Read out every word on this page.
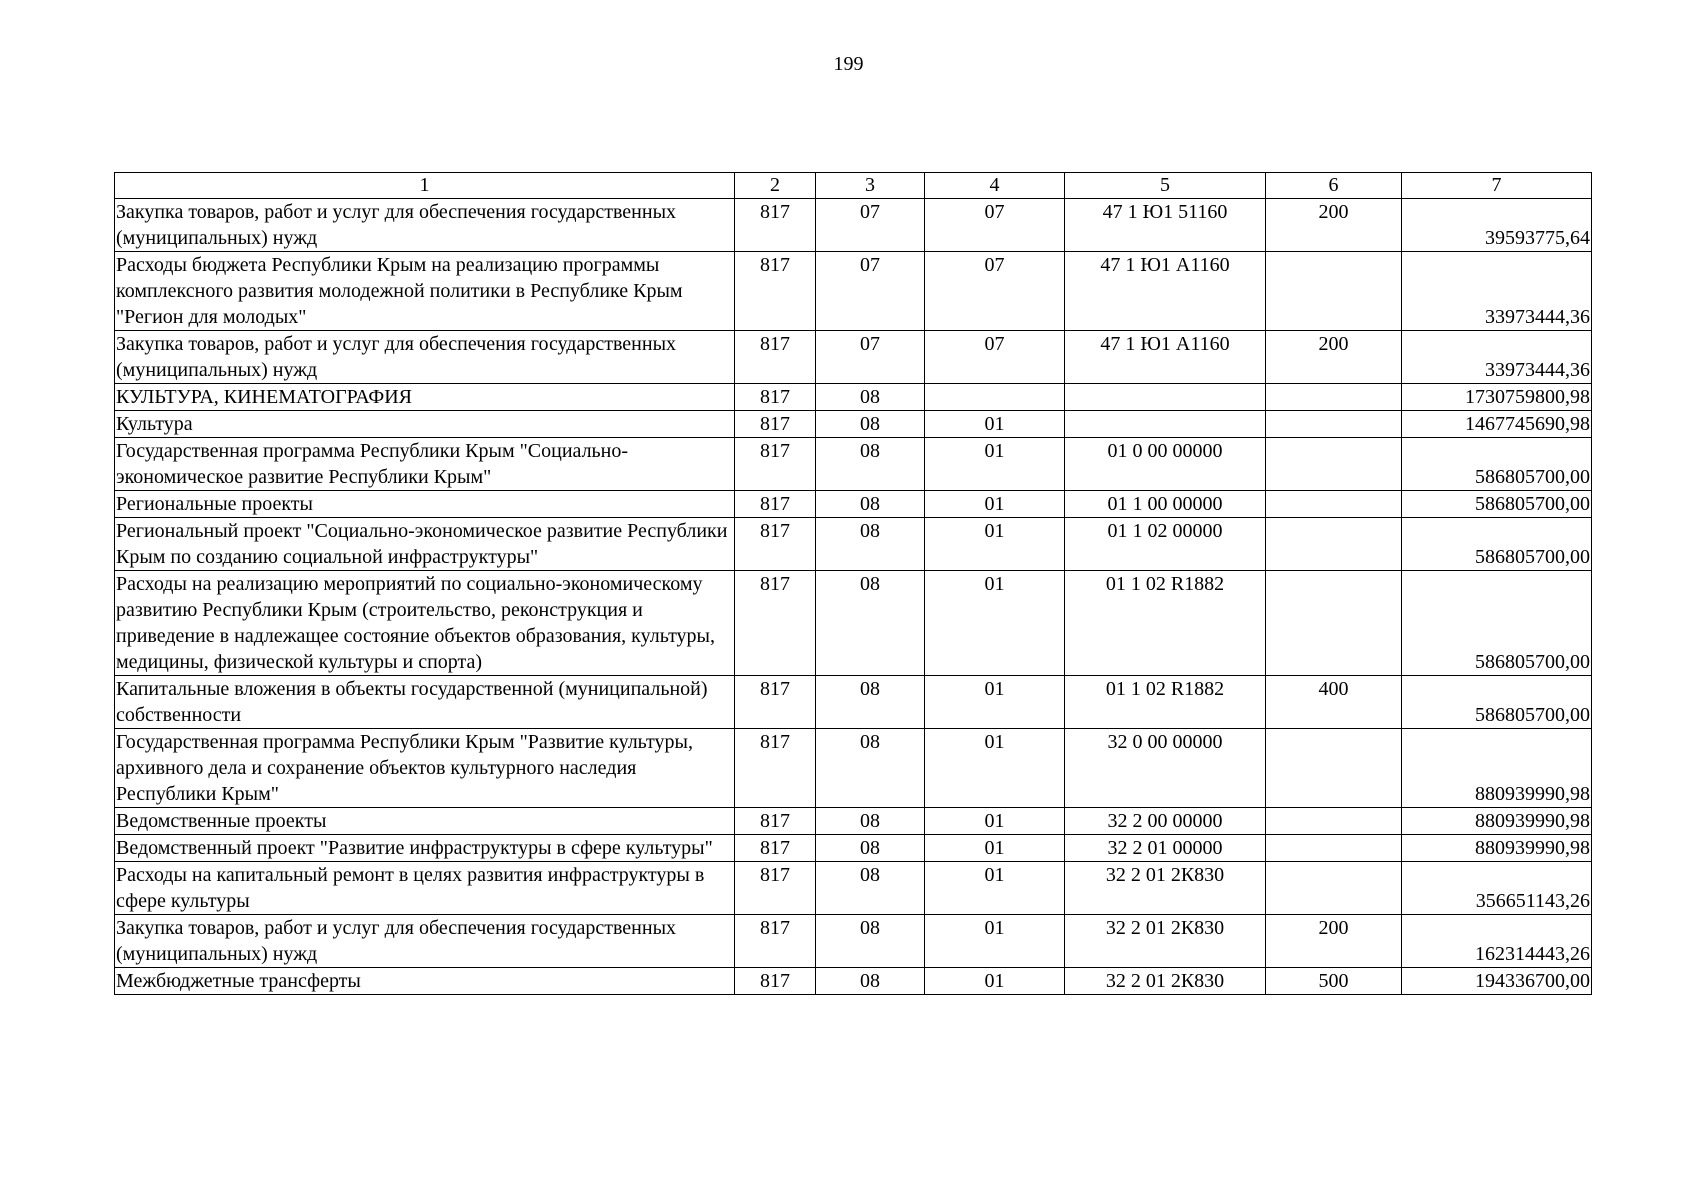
199
1	2	3	4	5	6	7
Закупка товаров, работ и услуг для обеспечения государственных (муниципальных) нужд	817	07	07	47 1 Ю1 51160	200	39593775,64
Расходы бюджета Республики Крым на реализацию программы комплексного развития молодежной политики в Республике Крым "Регион для молодых"	817	07	07	47 1 Ю1 А1160		33973444,36
Закупка товаров, работ и услуг для обеспечения государственных (муниципальных) нужд	817	07	07	47 1 Ю1 А1160	200	33973444,36
КУЛЬТУРА, КИНЕМАТОГРАФИЯ	817	08				1730759800,98
Культура	817	08	01			1467745690,98
Государственная программа Республики Крым "Социально-экономическое развитие Республики Крым"	817	08	01	01 0 00 00000		586805700,00
Региональные проекты	817	08	01	01 1 00 00000		586805700,00
Региональный проект "Социально-экономическое развитие Республики Крым по созданию социальной инфраструктуры"	817	08	01	01 1 02 00000		586805700,00
Расходы на реализацию мероприятий по социально-экономическому развитию Республики Крым (строительство, реконструкция и приведение в надлежащее состояние объектов образования, культуры, медицины, физической культуры и спорта)	817	08	01	01 1 02 R1882		586805700,00
Капитальные вложения в объекты государственной (муниципальной) собственности	817	08	01	01 1 02 R1882	400	586805700,00
Государственная программа Республики Крым "Развитие культуры, архивного дела и сохранение объектов культурного наследия Республики Крым"	817	08	01	32 0 00 00000		880939990,98
Ведомственные проекты	817	08	01	32 2 00 00000		880939990,98
Ведомственный проект "Развитие инфраструктуры в сфере культуры"	817	08	01	32 2 01 00000		880939990,98
Расходы на капитальный ремонт в целях развития инфраструктуры в сфере культуры	817	08	01	32 2 01 2К830		356651143,26
Закупка товаров, работ и услуг для обеспечения государственных (муниципальных) нужд	817	08	01	32 2 01 2К830	200	162314443,26
Межбюджетные трансферты	817	08	01	32 2 01 2К830	500	194336700,00
